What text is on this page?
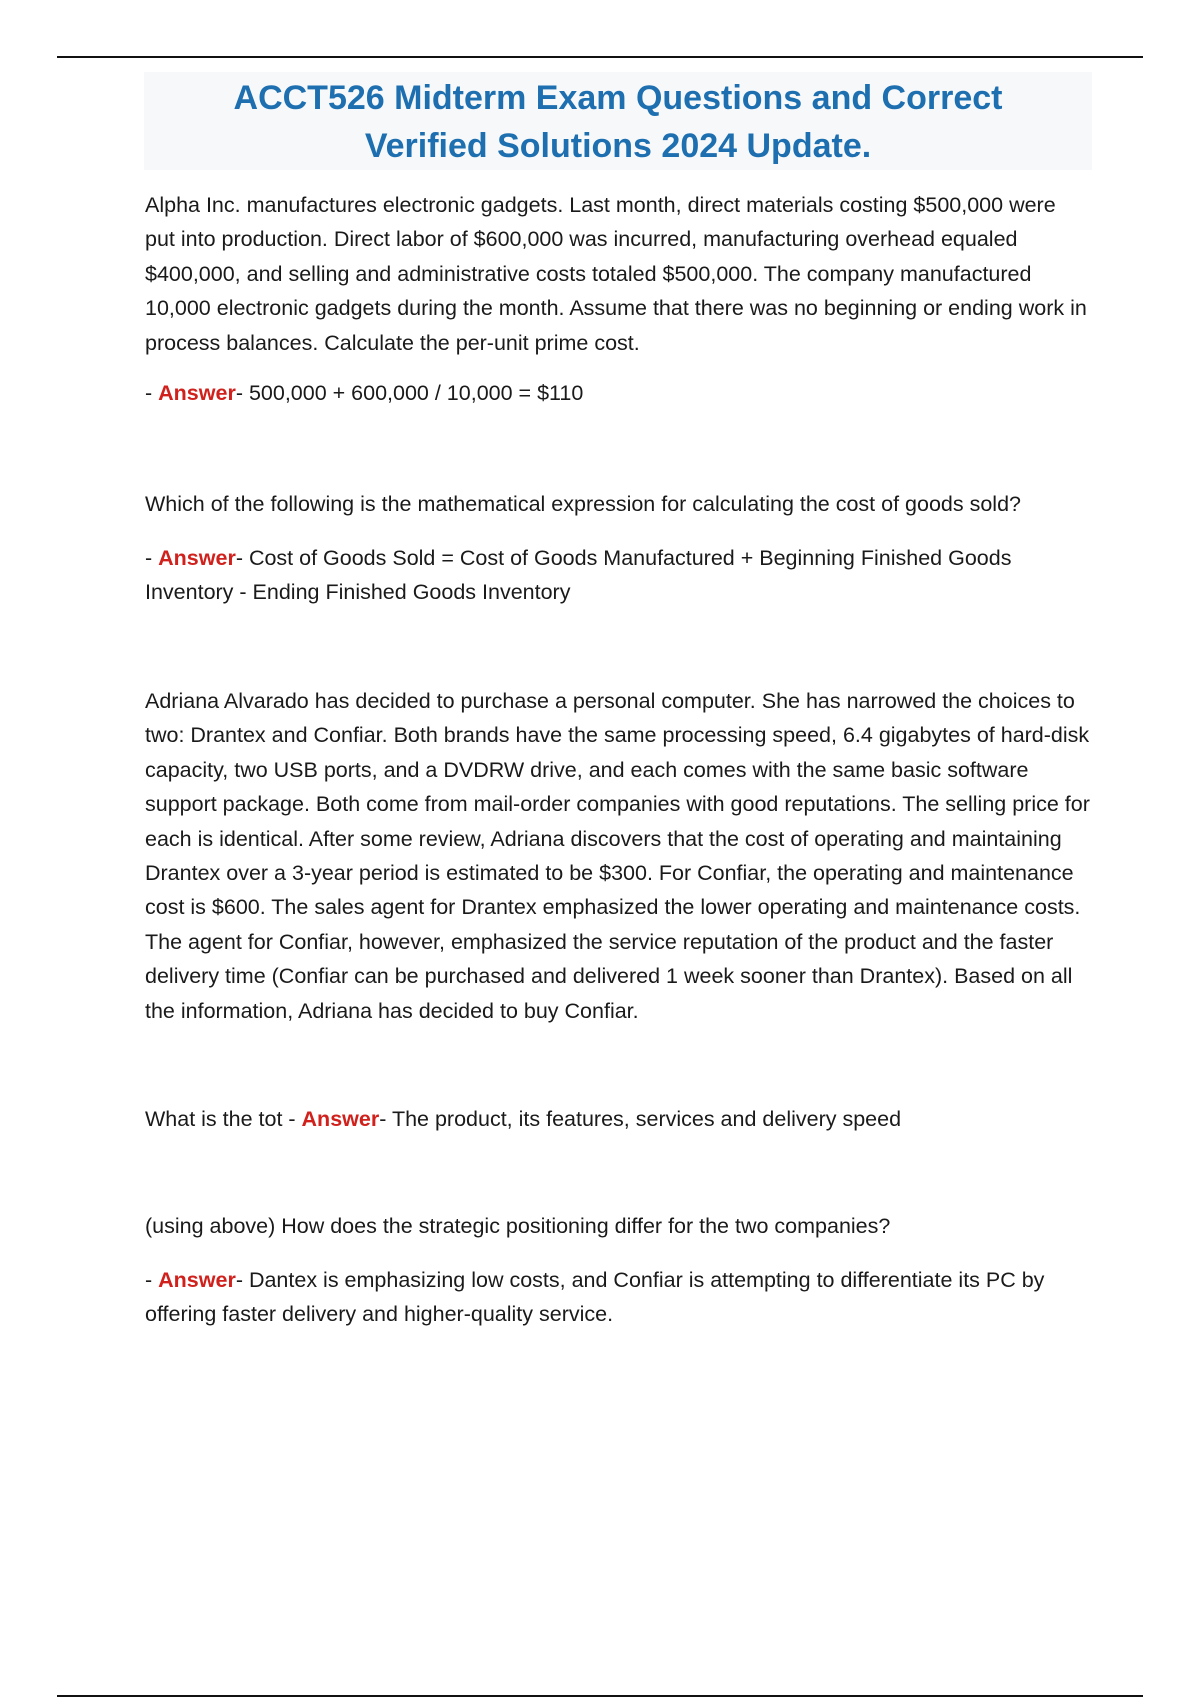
ACCT526 Midterm Exam Questions and Correct
Verified Solutions 2024 Update.

Alpha Inc. manufactures electronic gadgets. Last month, direct materials costing $500,000 were put into production. Direct labor of $600,000 was incurred, manufacturing overhead equaled $400,000, and selling and administrative costs totaled $500,000. The company manufactured 10,000 electronic gadgets during the month. Assume that there was no beginning or ending work in process balances. Calculate the per-unit prime cost.

- Answer- 500,000 + 600,000 / 10,000 = $110

Which of the following is the mathematical expression for calculating the cost of goods sold?

- Answer- Cost of Goods Sold = Cost of Goods Manufactured + Beginning Finished Goods Inventory - Ending Finished Goods Inventory

Adriana Alvarado has decided to purchase a personal computer. She has narrowed the choices to two: Drantex and Confiar. Both brands have the same processing speed, 6.4 gigabytes of hard-disk capacity, two USB ports, and a DVDRW drive, and each comes with the same basic software support package. Both come from mail-order companies with good reputations. The selling price for each is identical. After some review, Adriana discovers that the cost of operating and maintaining Drantex over a 3-year period is estimated to be $300. For Confiar, the operating and maintenance cost is $600. The sales agent for Drantex emphasized the lower operating and maintenance costs. The agent for Confiar, however, emphasized the service reputation of the product and the faster delivery time (Confiar can be purchased and delivered 1 week sooner than Drantex). Based on all the information, Adriana has decided to buy Confiar.

What is the tot - Answer- The product, its features, services and delivery speed

(using above) How does the strategic positioning differ for the two companies?

- Answer- Dantex is emphasizing low costs, and Confiar is attempting to differentiate its PC by offering faster delivery and higher-quality service.
